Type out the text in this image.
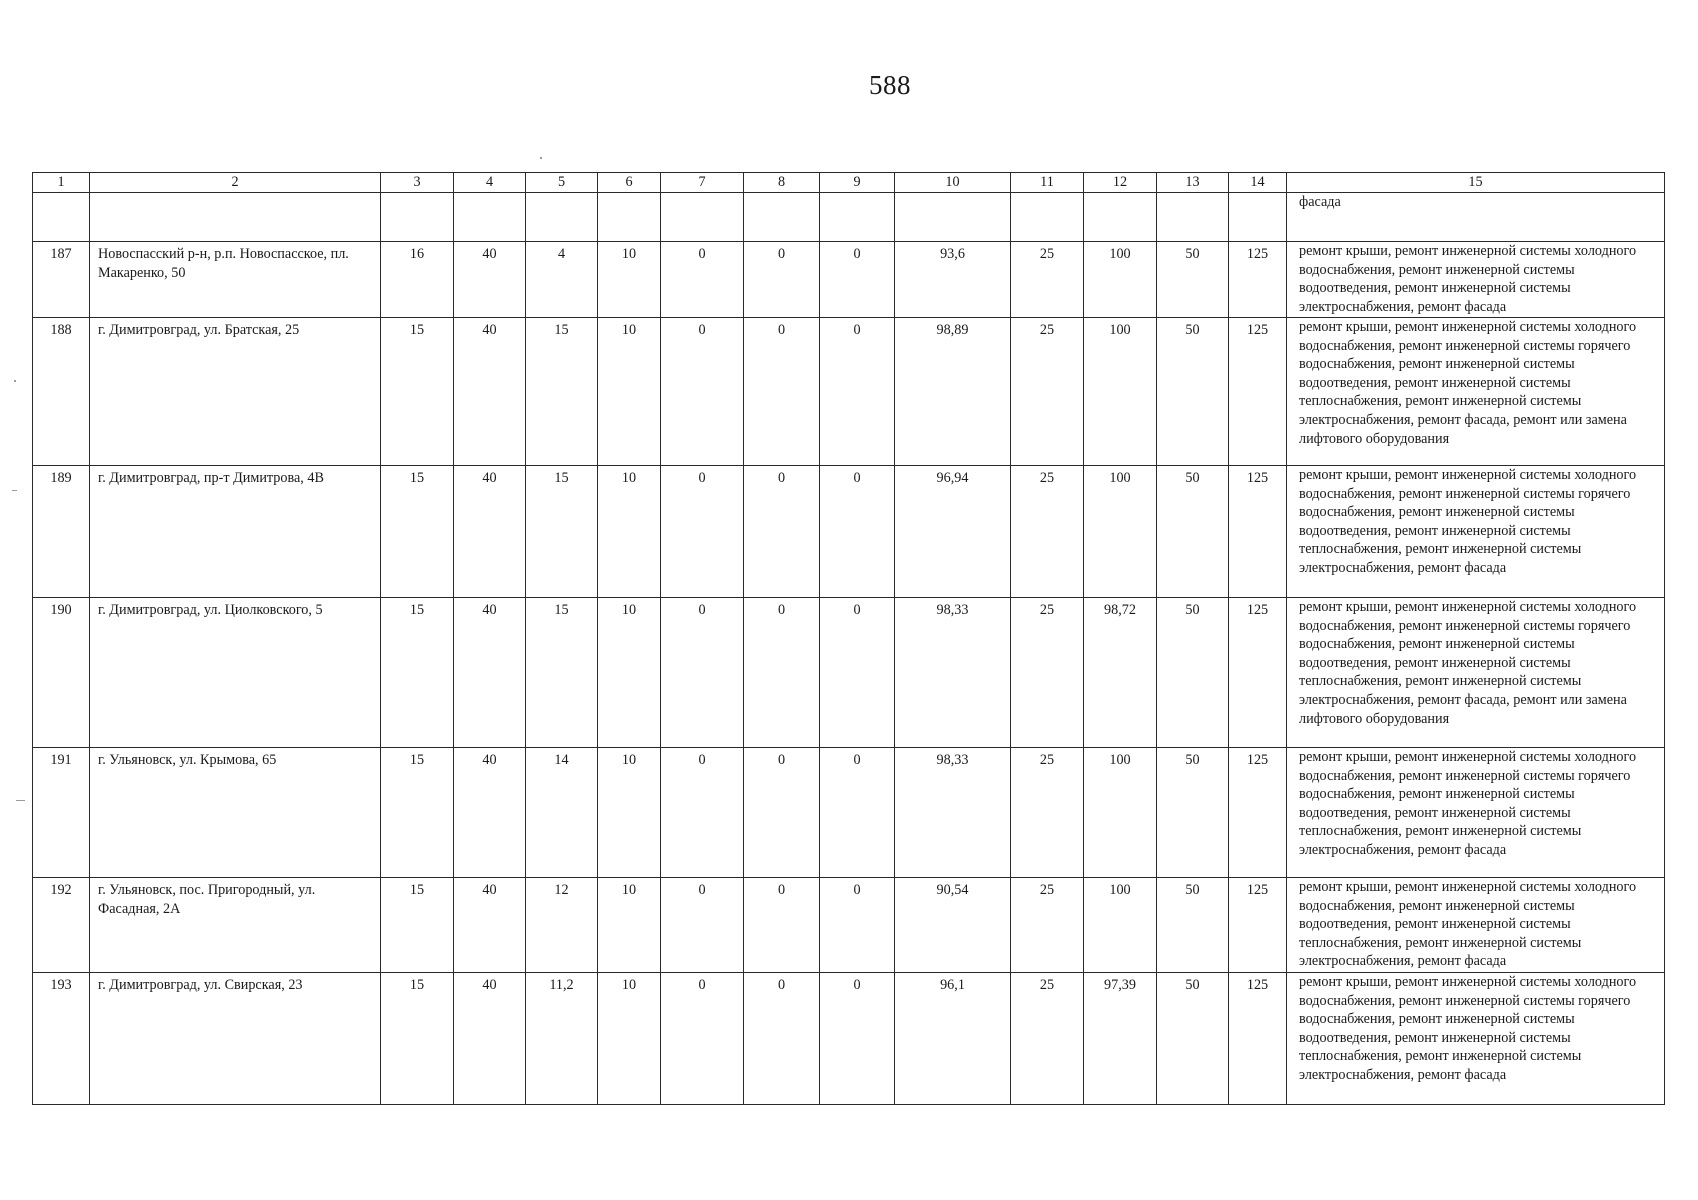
588
1	2	3	4	5	6	7	8	9	10	11	12	13	14	15
														фасада
187	Новоспасский р-н, р.п. Новоспасское, пл. Макаренко, 50	16	40	4	10	0	0	0	93,6	25	100	50	125	ремонт крыши, ремонт инженерной системы холодного водоснабжения, ремонт инженерной системы водоотведения, ремонт инженерной системы электроснабжения, ремонт фасада
188	г. Димитровград, ул. Братская, 25	15	40	15	10	0	0	0	98,89	25	100	50	125	ремонт крыши, ремонт инженерной системы холодного водоснабжения, ремонт инженерной системы горячего водоснабжения, ремонт инженерной системы водоотведения, ремонт инженерной системы теплоснабжения, ремонт инженерной системы электроснабжения, ремонт фасада, ремонт или замена лифтового оборудования
189	г. Димитровград, пр-т Димитрова, 4В	15	40	15	10	0	0	0	96,94	25	100	50	125	ремонт крыши, ремонт инженерной системы холодного водоснабжения, ремонт инженерной системы горячего водоснабжения, ремонт инженерной системы водоотведения, ремонт инженерной системы теплоснабжения, ремонт инженерной системы электроснабжения, ремонт фасада
190	г. Димитровград, ул. Циолковского, 5	15	40	15	10	0	0	0	98,33	25	98,72	50	125	ремонт крыши, ремонт инженерной системы холодного водоснабжения, ремонт инженерной системы горячего водоснабжения, ремонт инженерной системы водоотведения, ремонт инженерной системы теплоснабжения, ремонт инженерной системы электроснабжения, ремонт фасада, ремонт или замена лифтового оборудования
191	г. Ульяновск, ул. Крымова, 65	15	40	14	10	0	0	0	98,33	25	100	50	125	ремонт крыши, ремонт инженерной системы холодного водоснабжения, ремонт инженерной системы горячего водоснабжения, ремонт инженерной системы водоотведения, ремонт инженерной системы теплоснабжения, ремонт инженерной системы электроснабжения, ремонт фасада
192	г. Ульяновск, пос. Пригородный, ул. Фасадная, 2А	15	40	12	10	0	0	0	90,54	25	100	50	125	ремонт крыши, ремонт инженерной системы холодного водоснабжения, ремонт инженерной системы водоотведения, ремонт инженерной системы теплоснабжения, ремонт инженерной системы электроснабжения, ремонт фасада
193	г. Димитровград, ул. Свирская, 23	15	40	11,2	10	0	0	0	96,1	25	97,39	50	125	ремонт крыши, ремонт инженерной системы холодного водоснабжения, ремонт инженерной системы горячего водоснабжения, ремонт инженерной системы водоотведения, ремонт инженерной системы теплоснабжения, ремонт инженерной системы электроснабжения, ремонт фасада
